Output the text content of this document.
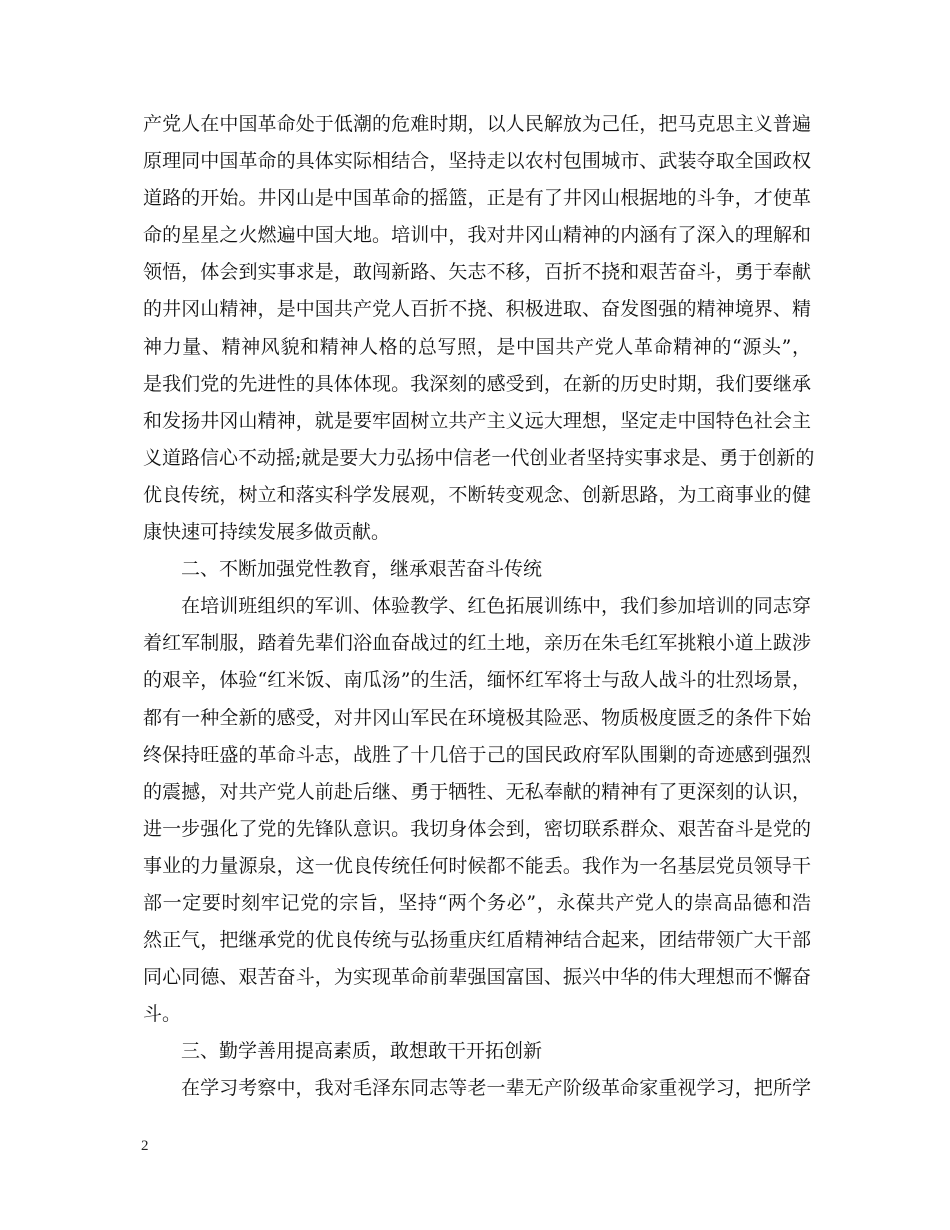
产党人在中国革命处于低潮的危难时期，以人民解放为己任，把马克思主义普遍
原理同中国革命的具体实际相结合，坚持走以农村包围城市、武装夺取全国政权
道路的开始。井冈山是中国革命的摇篮，正是有了井冈山根据地的斗争，才使革
命的星星之火燃遍中国大地。培训中，我对井冈山精神的内涵有了深入的理解和
领悟，体会到实事求是，敢闯新路、矢志不移，百折不挠和艰苦奋斗，勇于奉献
的井冈山精神，是中国共产党人百折不挠、积极进取、奋发图强的精神境界、精
神力量、精神风貌和精神人格的总写照，是中国共产党人革命精神的“源头”，
是我们党的先进性的具体体现。我深刻的感受到，在新的历史时期，我们要继承
和发扬井冈山精神，就是要牢固树立共产主义远大理想，坚定走中国特色社会主
义道路信心不动摇;就是要大力弘扬中信老一代创业者坚持实事求是、勇于创新的
优良传统，树立和落实科学发展观，不断转变观念、创新思路，为工商事业的健
康快速可持续发展多做贡献。
二、不断加强党性教育，继承艰苦奋斗传统
在培训班组织的军训、体验教学、红色拓展训练中，我们参加培训的同志穿
着红军制服，踏着先辈们浴血奋战过的红土地，亲历在朱毛红军挑粮小道上跋涉
的艰辛，体验“红米饭、南瓜汤”的生活，缅怀红军将士与敌人战斗的壮烈场景，
都有一种全新的感受，对井冈山军民在环境极其险恶、物质极度匮乏的条件下始
终保持旺盛的革命斗志，战胜了十几倍于己的国民政府军队围剿的奇迹感到强烈
的震撼，对共产党人前赴后继、勇于牺牲、无私奉献的精神有了更深刻的认识，
进一步强化了党的先锋队意识。我切身体会到，密切联系群众、艰苦奋斗是党的
事业的力量源泉，这一优良传统任何时候都不能丢。我作为一名基层党员领导干
部一定要时刻牢记党的宗旨，坚持“两个务必”，永葆共产党人的崇高品德和浩
然正气，把继承党的优良传统与弘扬重庆红盾精神结合起来，团结带领广大干部
同心同德、艰苦奋斗，为实现革命前辈强国富国、振兴中华的伟大理想而不懈奋
斗。
三、勤学善用提高素质，敢想敢干开拓创新
在学习考察中，我对毛泽东同志等老一辈无产阶级革命家重视学习，把所学
2
